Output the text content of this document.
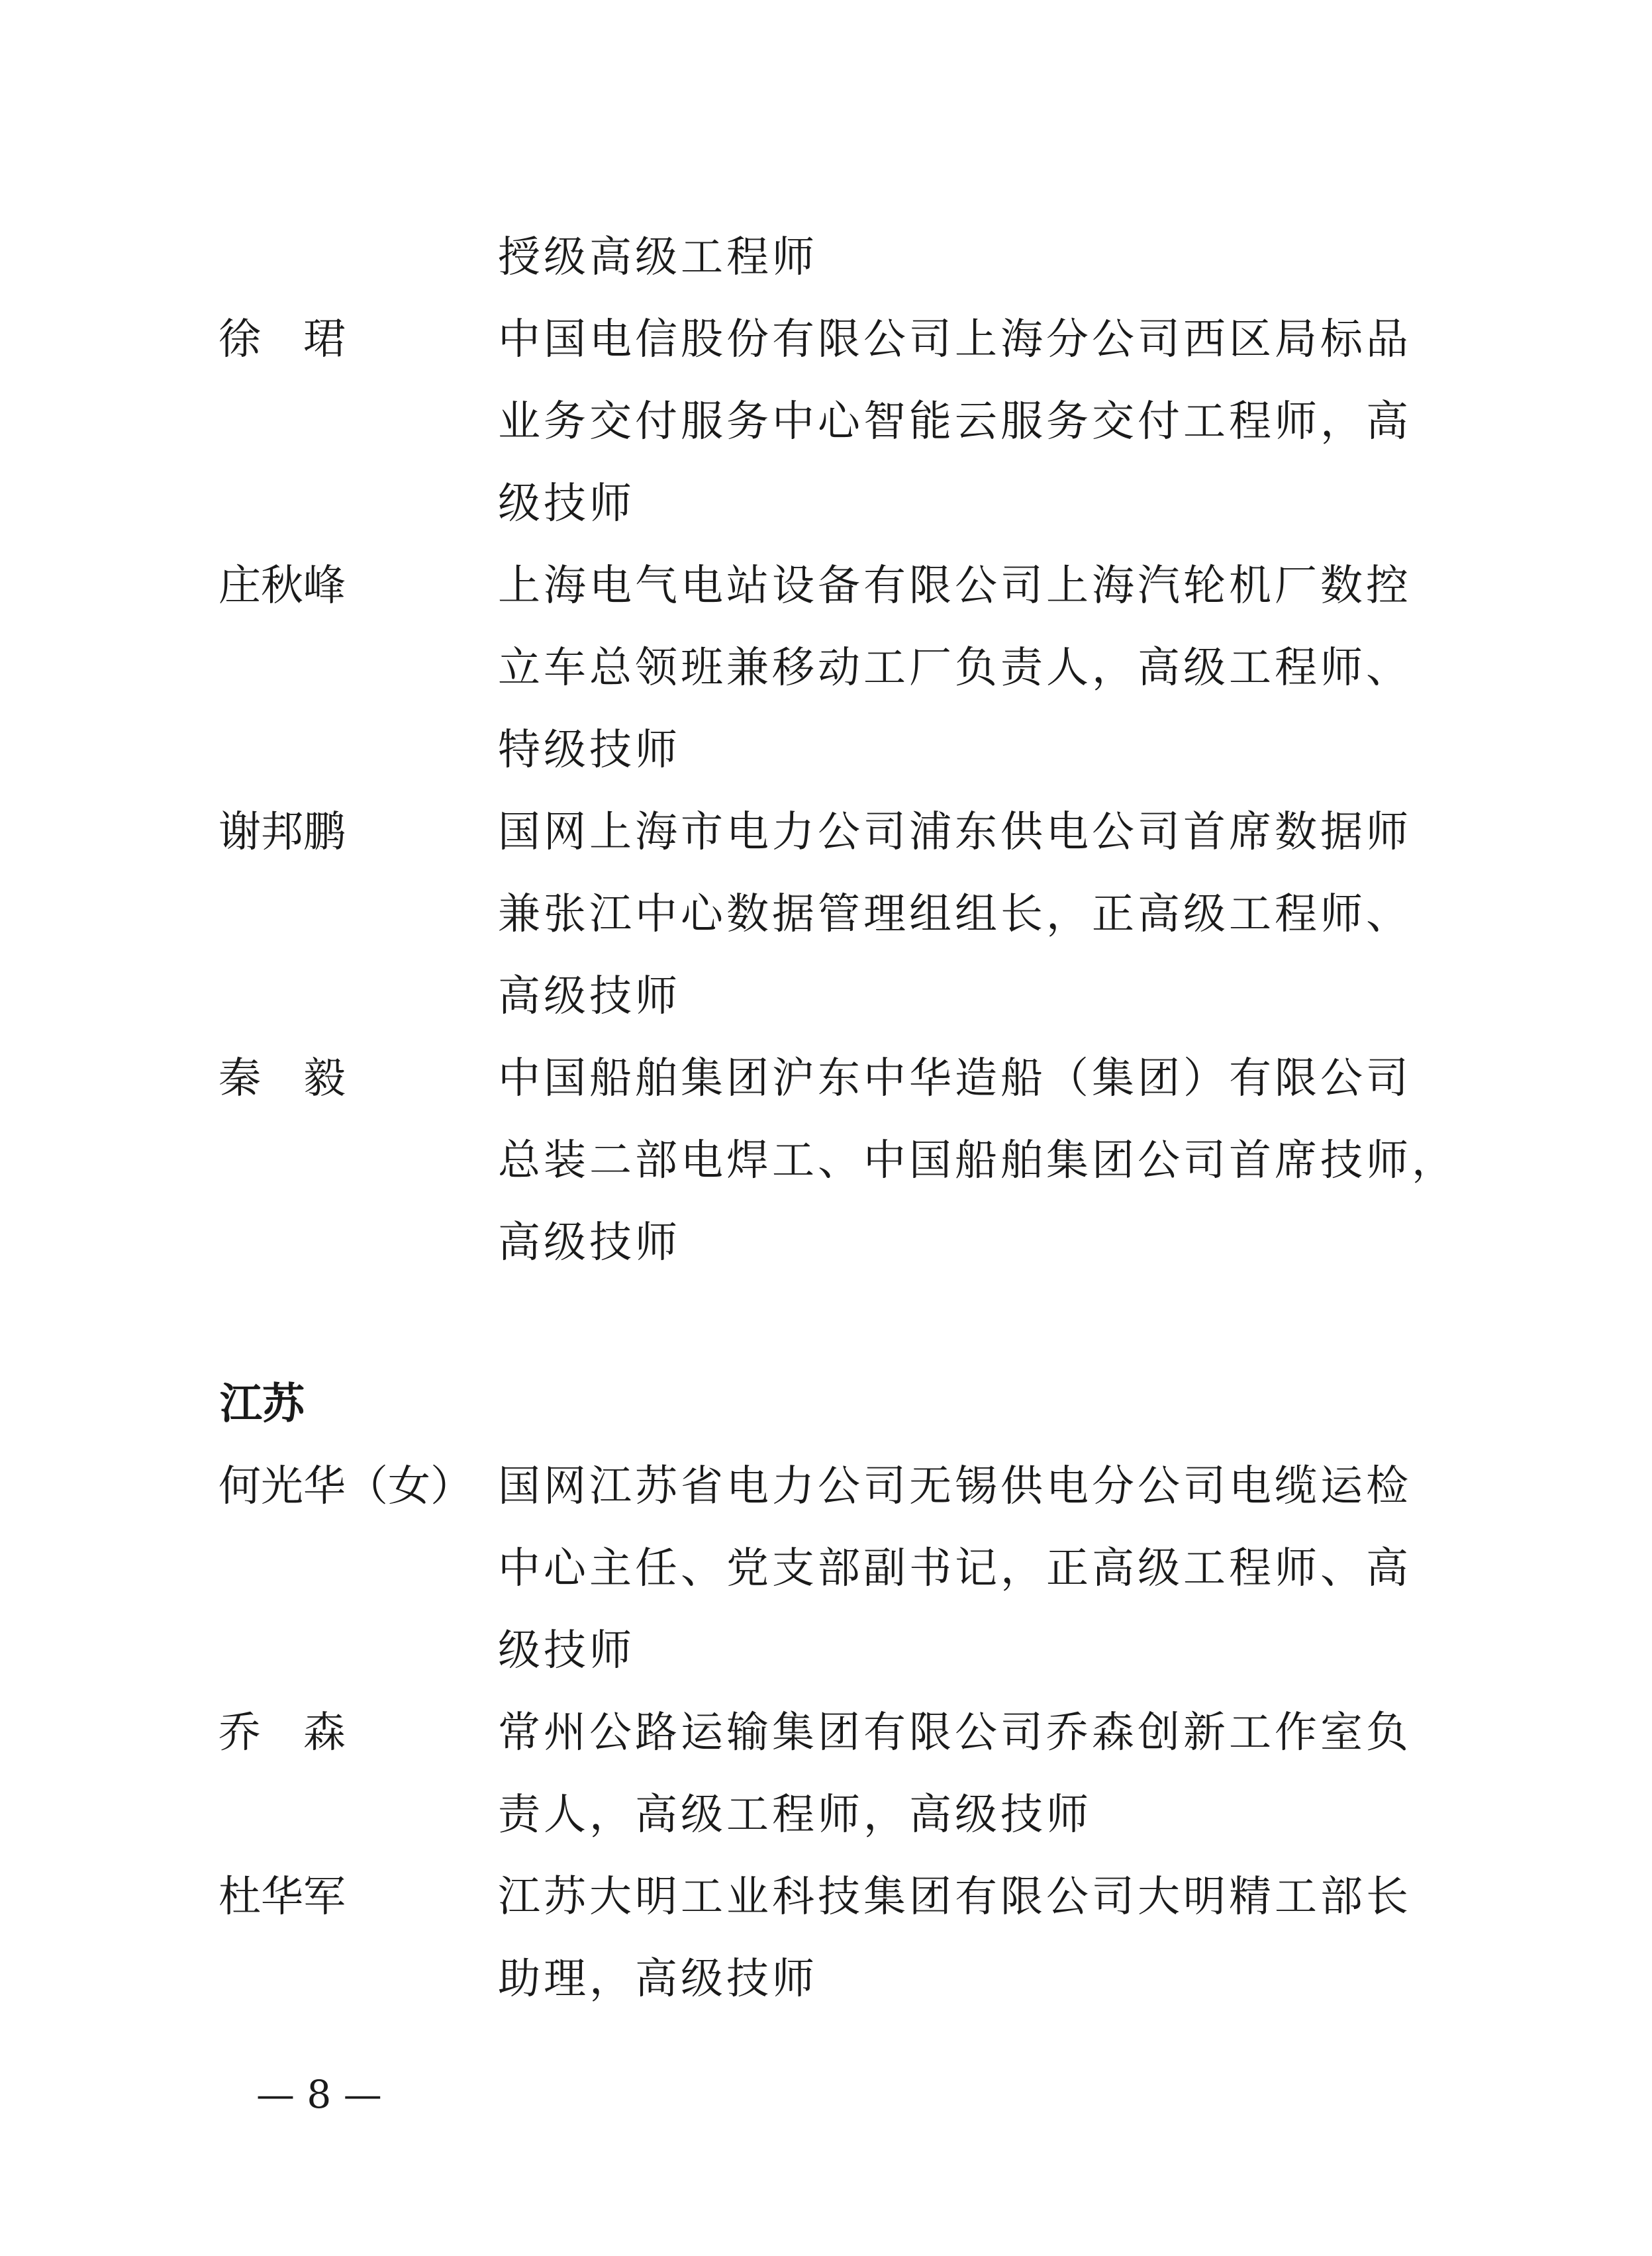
授级高级工程师
徐　珺	中国电信股份有限公司上海分公司西区局标品
业务交付服务中心智能云服务交付工程师，高
级技师
庄秋峰	上海电气电站设备有限公司上海汽轮机厂数控
立车总领班兼移动工厂负责人，高级工程师、
特级技师
谢邦鹏	国网上海市电力公司浦东供电公司首席数据师
兼张江中心数据管理组组长，正高级工程师、
高级技师
秦　毅	中国船舶集团沪东中华造船（集团）有限公司
总装二部电焊工、中国船舶集团公司首席技师，
高级技师
江苏
何光华（女） 国网江苏省电力公司无锡供电分公司电缆运检
中心主任、党支部副书记，正高级工程师、高
级技师
乔　森	常州公路运输集团有限公司乔森创新工作室负
责人，高级工程师，高级技师
杜华军	江苏大明工业科技集团有限公司大明精工部长
助理，高级技师
— 8 —
